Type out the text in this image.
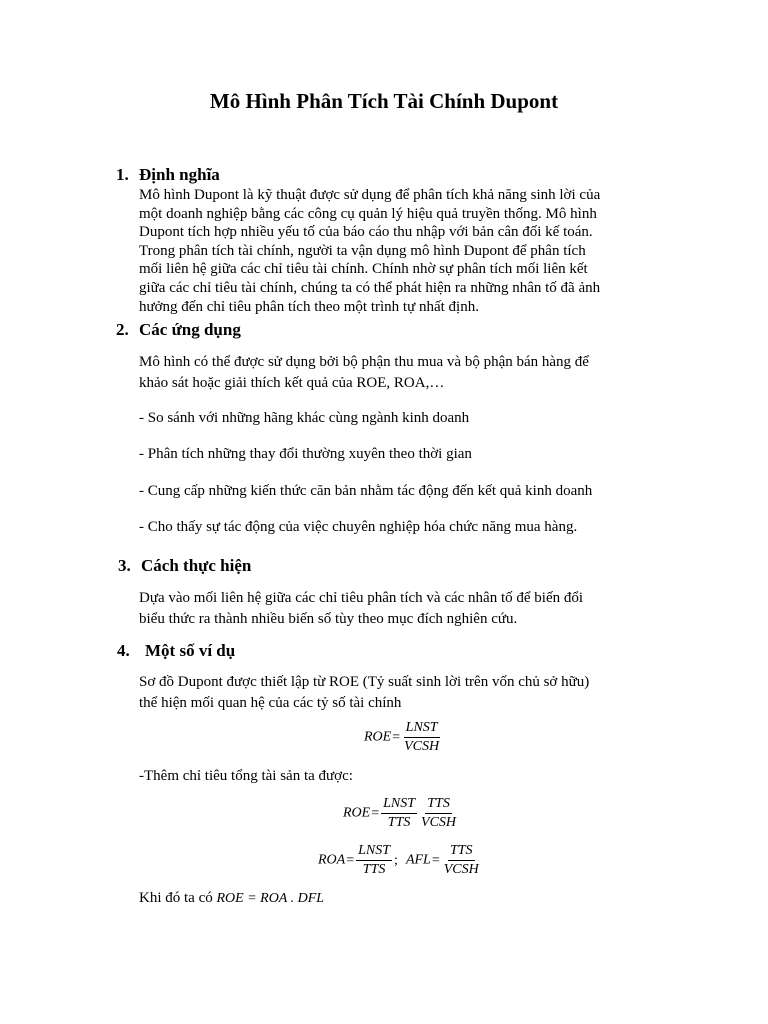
Mô Hình Phân Tích Tài Chính Dupont
1. Định nghĩa
Mô hình Dupont là kỹ thuật được sử dụng để phân tích khả năng sinh lời của
một doanh nghiệp bằng các công cụ quản lý hiệu quả truyền thống. Mô hình
Dupont tích hợp nhiều yếu tố của báo cáo thu nhập với bản cân đối kế toán.
Trong phân tích tài chính, người ta vận dụng mô hình Dupont để phân tích
mối liên hệ giữa các chỉ tiêu tài chính. Chính nhờ sự phân tích mối liên kết
giữa các chỉ tiêu tài chính, chúng ta có thể phát hiện ra những nhân tố đã ảnh
hưởng đến chỉ tiêu phân tích theo một trình tự nhất định.
2. Các ứng dụng
Mô hình có thể được sử dụng bởi bộ phận thu mua và bộ phận bán hàng để
khảo sát hoặc giải thích kết quả của ROE, ROA,…
- So sánh với những hãng khác cùng ngành kinh doanh
- Phân tích những thay đổi thường xuyên theo thời gian
- Cung cấp những kiến thức căn bản nhằm tác động đến kết quả kinh doanh
- Cho thấy sự tác động của việc chuyên nghiệp hóa chức năng mua hàng.
3. Cách thực hiện
Dựa vào mối liên hệ giữa các chỉ tiêu phân tích và các nhân tố để biến đổi
biểu thức ra thành nhiều biến số tùy theo mục đích nghiên cứu.
4. Một số ví dụ
Sơ đồ Dupont được thiết lập từ ROE (Tỷ suất sinh lời trên vốn chủ sở hữu)
thể hiện mối quan hệ của các tỷ số tài chính
$ROE= \frac{\text{LNST}}{\text{VCSH}}$
-Thêm chỉ tiêu tổng tài sản ta được:
$ROE= \frac{\text{LNST}}{\text{TTS}} \frac{\text{TTS}}{\text{VCSH}}$
$ROA= \frac{\text{LNST}}{\text{TTS}}$ ; $AFL= \frac{\text{TTS}}{\text{VCSH}}$
Khi đó ta có ROE = ROA . DFL
